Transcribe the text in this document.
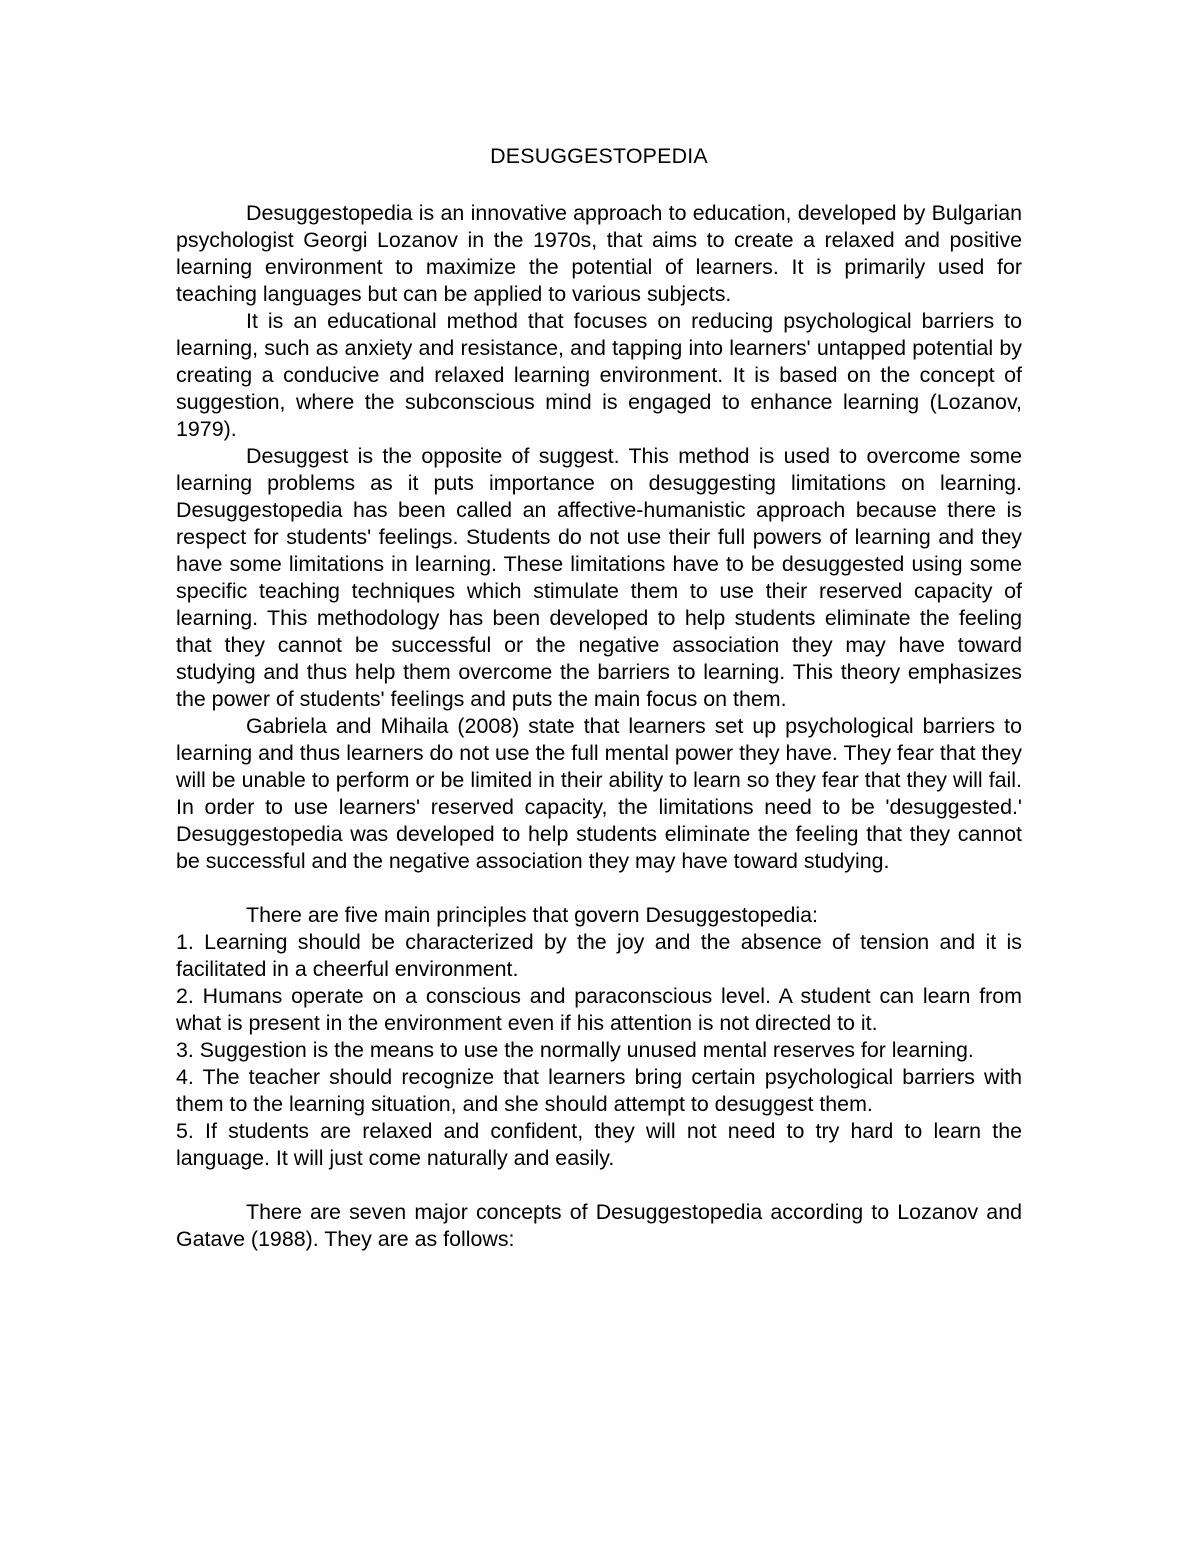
DESUGGESTOPEDIA

Desuggestopedia is an innovative approach to education, developed by Bulgarian psychologist Georgi Lozanov in the 1970s, that aims to create a relaxed and positive learning environment to maximize the potential of learners. It is primarily used for teaching languages but can be applied to various subjects.

It is an educational method that focuses on reducing psychological barriers to learning, such as anxiety and resistance, and tapping into learners' untapped potential by creating a conducive and relaxed learning environment. It is based on the concept of suggestion, where the subconscious mind is engaged to enhance learning (Lozanov, 1979).

Desuggest is the opposite of suggest. This method is used to overcome some learning problems as it puts importance on desuggesting limitations on learning. Desuggestopedia has been called an affective-humanistic approach because there is respect for students' feelings. Students do not use their full powers of learning and they have some limitations in learning. These limitations have to be desuggested using some specific teaching techniques which stimulate them to use their reserved capacity of learning. This methodology has been developed to help students eliminate the feeling that they cannot be successful or the negative association they may have toward studying and thus help them overcome the barriers to learning. This theory emphasizes the power of students' feelings and puts the main focus on them.

Gabriela and Mihaila (2008) state that learners set up psychological barriers to learning and thus learners do not use the full mental power they have. They fear that they will be unable to perform or be limited in their ability to learn so they fear that they will fail. In order to use learners' reserved capacity, the limitations need to be 'desuggested.' Desuggestopedia was developed to help students eliminate the feeling that they cannot be successful and the negative association they may have toward studying.

There are five main principles that govern Desuggestopedia:

1. Learning should be characterized by the joy and the absence of tension and it is facilitated in a cheerful environment.

2. Humans operate on a conscious and paraconscious level. A student can learn from what is present in the environment even if his attention is not directed to it.

3. Suggestion is the means to use the normally unused mental reserves for learning.

4. The teacher should recognize that learners bring certain psychological barriers with them to the learning situation, and she should attempt to desuggest them.

5. If students are relaxed and confident, they will not need to try hard to learn the language. It will just come naturally and easily.

There are seven major concepts of Desuggestopedia according to Lozanov and Gatave (1988). They are as follows:
